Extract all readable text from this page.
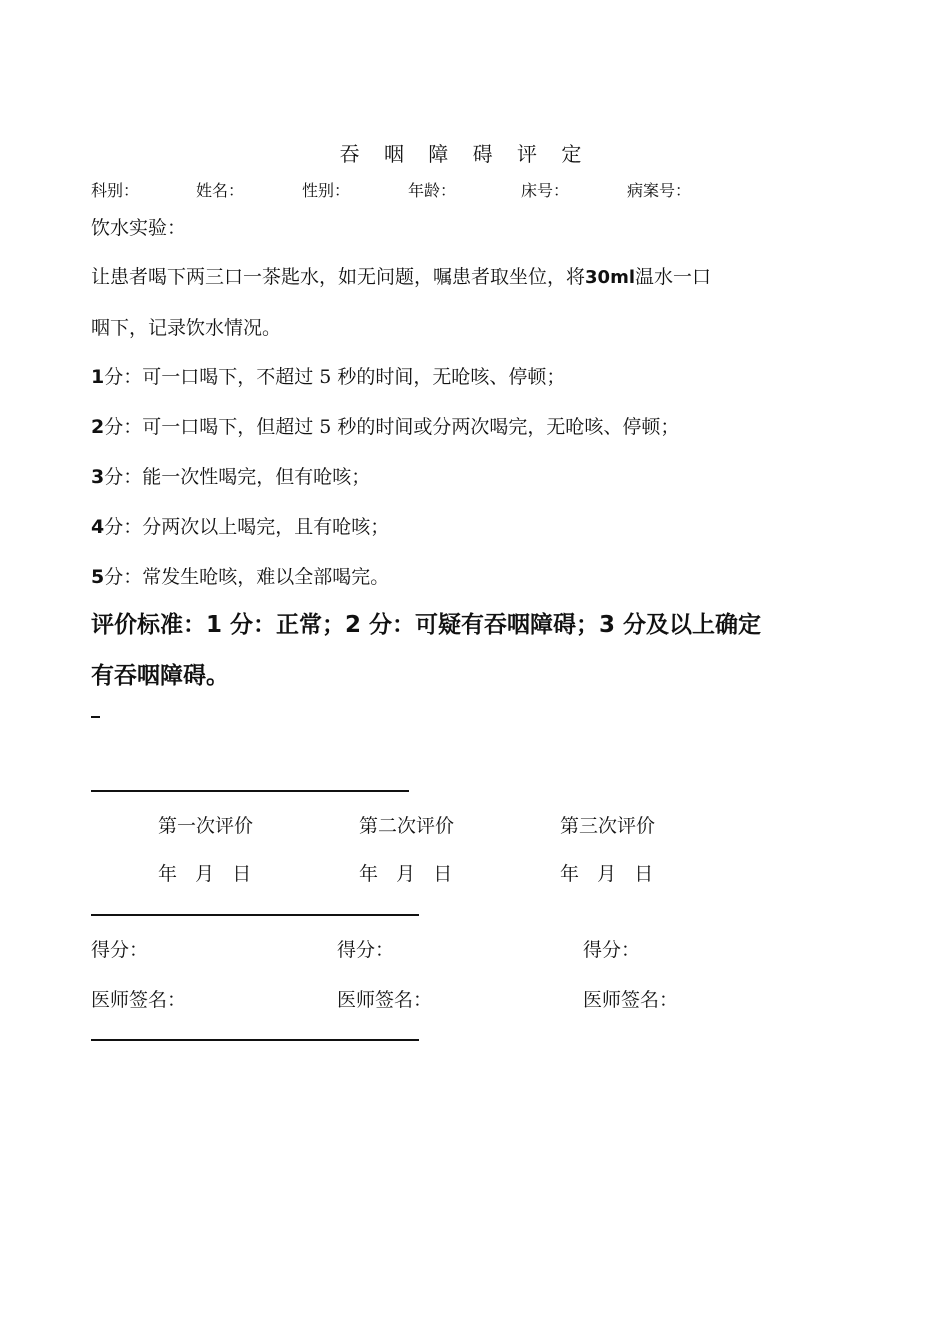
吞 咽 障 碍 评 定
科别：	姓名：	性别：	年龄：	床号：	病案号：
饮水实验：
让患者喝下两三口一茶匙水，如无问题，嘱患者取坐位，将30ml温水一口
咽下，记录饮水情况。
1分：可一口喝下，不超过 5 秒的时间，无呛咳、停顿；
2分：可一口喝下，但超过 5 秒的时间或分两次喝完，无呛咳、停顿；
3分：能一次性喝完，但有呛咳；
4分：分两次以上喝完，且有呛咳；
5分：常发生呛咳，难以全部喝完。
评价标准：1 分：正常；2 分：可疑有吞咽障碍；3 分及以上确定
有吞咽障碍。
第一次评价	第二次评价	第三次评价
年   月   日	年   月   日	年   月   日
得分：	得分：	得分：
医师签名：	医师签名：	医师签名：
